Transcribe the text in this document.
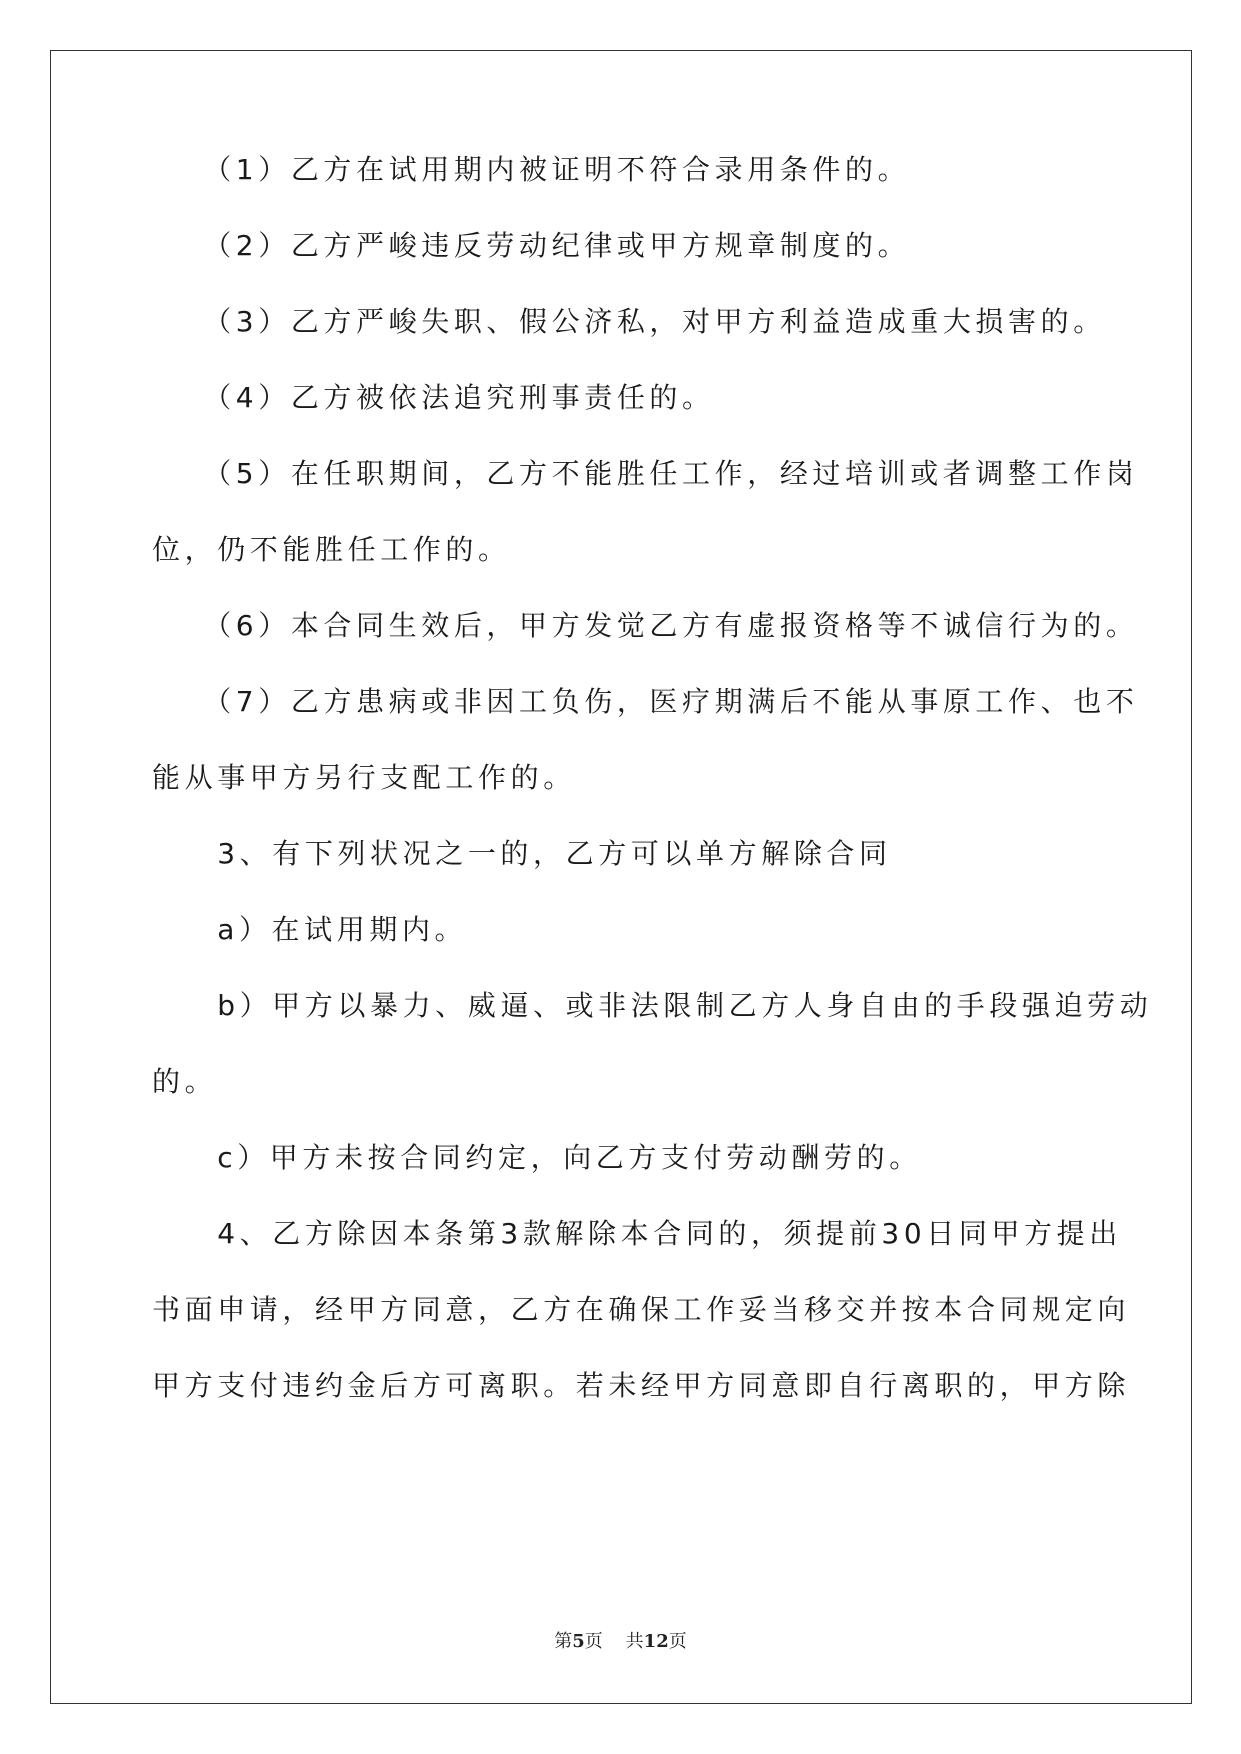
　　（1）乙方在试用期内被证明不符合录用条件的。
　　（2）乙方严峻违反劳动纪律或甲方规章制度的。
　　（3）乙方严峻失职、假公济私，对甲方利益造成重大损害的。
　　（4）乙方被依法追究刑事责任的。
　　（5）在任职期间，乙方不能胜任工作，经过培训或者调整工作岗
位，仍不能胜任工作的。
　　（6）本合同生效后，甲方发觉乙方有虚报资格等不诚信行为的。
　　（7）乙方患病或非因工负伤，医疗期满后不能从事原工作、也不
能从事甲方另行支配工作的。
　　3、有下列状况之一的，乙方可以单方解除合同
　　a）在试用期内。
　　b）甲方以暴力、威逼、或非法限制乙方人身自由的手段强迫劳动
的。
　　c）甲方未按合同约定，向乙方支付劳动酬劳的。
　　4、乙方除因本条第3款解除本合同的，须提前30日同甲方提出
书面申请，经甲方同意，乙方在确保工作妥当移交并按本合同规定向
甲方支付违约金后方可离职。若未经甲方同意即自行离职的，甲方除
第5页 共12页
